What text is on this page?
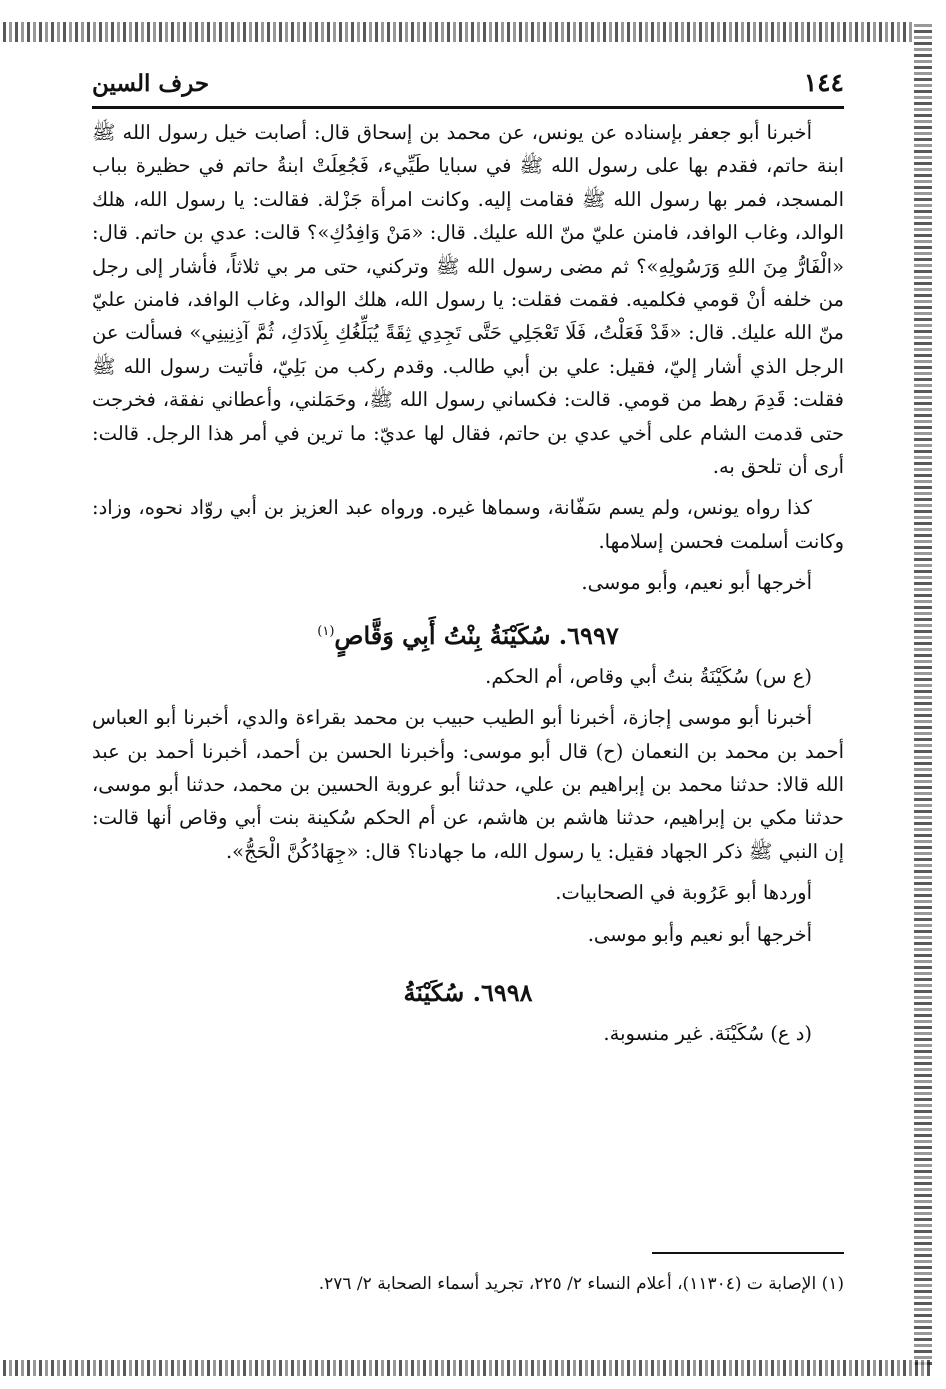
١٤٤
حرف السين

أخبرنا أبو جعفر بإسناده عن يونس، عن محمد بن إسحاق قال: أصابت خيل رسول الله ﷺ ابنة حاتم، فقدم بها على رسول الله ﷺ في سبايا طَيِّيء، فَجُعِلَتْ ابنةُ حاتم في حظيرة بباب المسجد، فمر بها رسول الله ﷺ فقامت إليه. وكانت امرأة جَزْلة. فقالت: يا رسول الله، هلك الوالد، وغاب الوافد، فامنن عليّ منّ الله عليك. قال: «مَنْ وَافِدُكِ»؟ قالت: عدي بن حاتم. قال: «الْفَارُّ مِنَ اللهِ وَرَسُولِهِ»؟ ثم مضى رسول الله ﷺ وتركني، حتى مر بي ثلاثاً، فأشار إلى رجل من خلفه أنْ قومي فكلميه. فقمت فقلت: يا رسول الله، هلك الوالد، وغاب الوافد، فامنن عليّ منّ الله عليك. قال: «قَدْ فَعَلْتُ، فَلَا تَعْجَلِي حَتَّى تَجِدِي ثِقَةً يُبَلِّغُكِ بِلَادَكِ، ثُمَّ آذِنِينِي» فسألت عن الرجل الذي أشار إليّ، فقيل: علي بن أبي طالب. وقدم ركب من بَلِيّ، فأتيت رسول الله ﷺ فقلت: قَدِمَ رهط من قومي. قالت: فكساني رسول الله ﷺ، وحَمَلني، وأعطاني نفقة، فخرجت حتى قدمت الشام على أخي عدي بن حاتم، فقال لها عديّ: ما ترين في أمر هذا الرجل. قالت: أرى أن تلحق به.

كذا رواه يونس، ولم يسم سَفّانة، وسماها غيره. ورواه عبد العزيز بن أبي روّاد نحوه، وزاد: وكانت أسلمت فحسن إسلامها.

أخرجها أبو نعيم، وأبو موسى.

٦٩٩٧. سُكَيْنَةُ بِنْتُ أَبِي وَقَّاصٍ$^{(١)}$

(ع س) سُكَيْنَةُ بنتُ أبي وقاص، أم الحكم.

أخبرنا أبو موسى إجازة، أخبرنا أبو الطيب حبيب بن محمد بقراءة والدي، أخبرنا أبو العباس أحمد بن محمد بن النعمان (ح) قال أبو موسى: وأخبرنا الحسن بن أحمد، أخبرنا أحمد بن عبد الله قالا: حدثنا محمد بن إبراهيم بن علي، حدثنا أبو عروبة الحسين بن محمد، حدثنا أبو موسى، حدثنا مكي بن إبراهيم، حدثنا هاشم بن هاشم، عن أم الحكم سُكينة بنت أبي وقاص أنها قالت: إن النبي ﷺ ذكر الجهاد فقيل: يا رسول الله، ما جهادنا؟ قال: «جِهَادُكُنَّ الْحَجُّ».

أوردها أبو عَرُوبة في الصحابيات.

أخرجها أبو نعيم وأبو موسى.

٦٩٩٨. سُكَيْنَةُ

(د ع) سُكَيْنَة. غير منسوبة.

(١) الإصابة ت (١١٣٠٤)، أعلام النساء ٢/ ٢٢٥، تجريد أسماء الصحابة ٢/ ٢٧٦.
